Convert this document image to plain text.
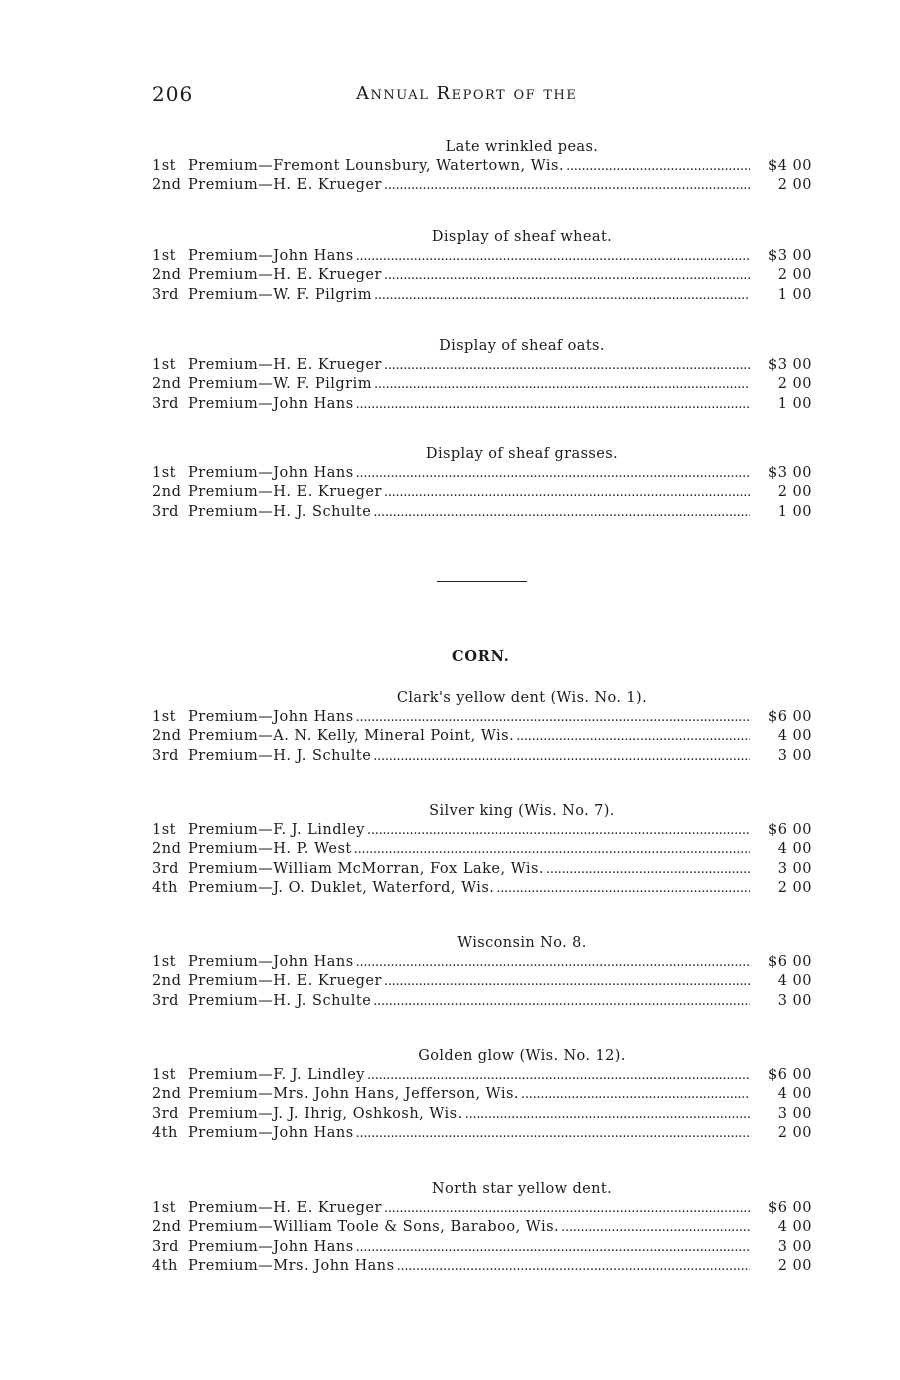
206	Annual Report of the
Late wrinkled peas.
1st Premium—Fremont Lounsbury, Watertown, Wis. . . .	$4 00
2nd Premium—H. E. Krueger . . .	2 00
Display of sheaf wheat.
1st Premium—John Hans . . .	$3 00
2nd Premium—H. E. Krueger . . .	2 00
3rd Premium—W. F. Pilgrim . . .	1 00
Display of sheaf oats.
1st Premium—H. E. Krueger . . .	$3 00
2nd Premium—W. F. Pilgrim . . .	2 00
3rd Premium—John Hans . . .	1 00
Display of sheaf grasses.
1st Premium—John Hans . . .	$3 00
2nd Premium—H. E. Krueger . . .	2 00
3rd Premium—H. J. Schulte . . .	1 00
CORN.
Clark's yellow dent (Wis. No. 1).
1st Premium—John Hans . . .	$6 00
2nd Premium—A. N. Kelly, Mineral Point, Wis. . . .	4 00
3rd Premium—H. J. Schulte . . .	3 00
Silver king (Wis. No. 7).
1st Premium—F. J. Lindley . . .	$6 00
2nd Premium—H. P. West . . .	4 00
3rd Premium—William McMorran, Fox Lake, Wis. . . .	3 00
4th Premium—J. O. Duklet, Waterford, Wis. . . .	2 00
Wisconsin No. 8.
1st Premium—John Hans . . .	$6 00
2nd Premium—H. E. Krueger . . .	4 00
3rd Premium—H. J. Schulte . . .	3 00
Golden glow (Wis. No. 12).
1st Premium—F. J. Lindley . . .	$6 00
2nd Premium—Mrs. John Hans, Jefferson, Wis. . . .	4 00
3rd Premium—J. J. Ihrig, Oshkosh, Wis. . . .	3 00
4th Premium—John Hans . . .	2 00
North star yellow dent.
1st Premium—H. E. Krueger . . .	$6 00
2nd Premium—William Toole & Sons, Baraboo, Wis. . . .	4 00
3rd Premium—John Hans . . .	3 00
4th Premium—Mrs. John Hans . . .	2 00
